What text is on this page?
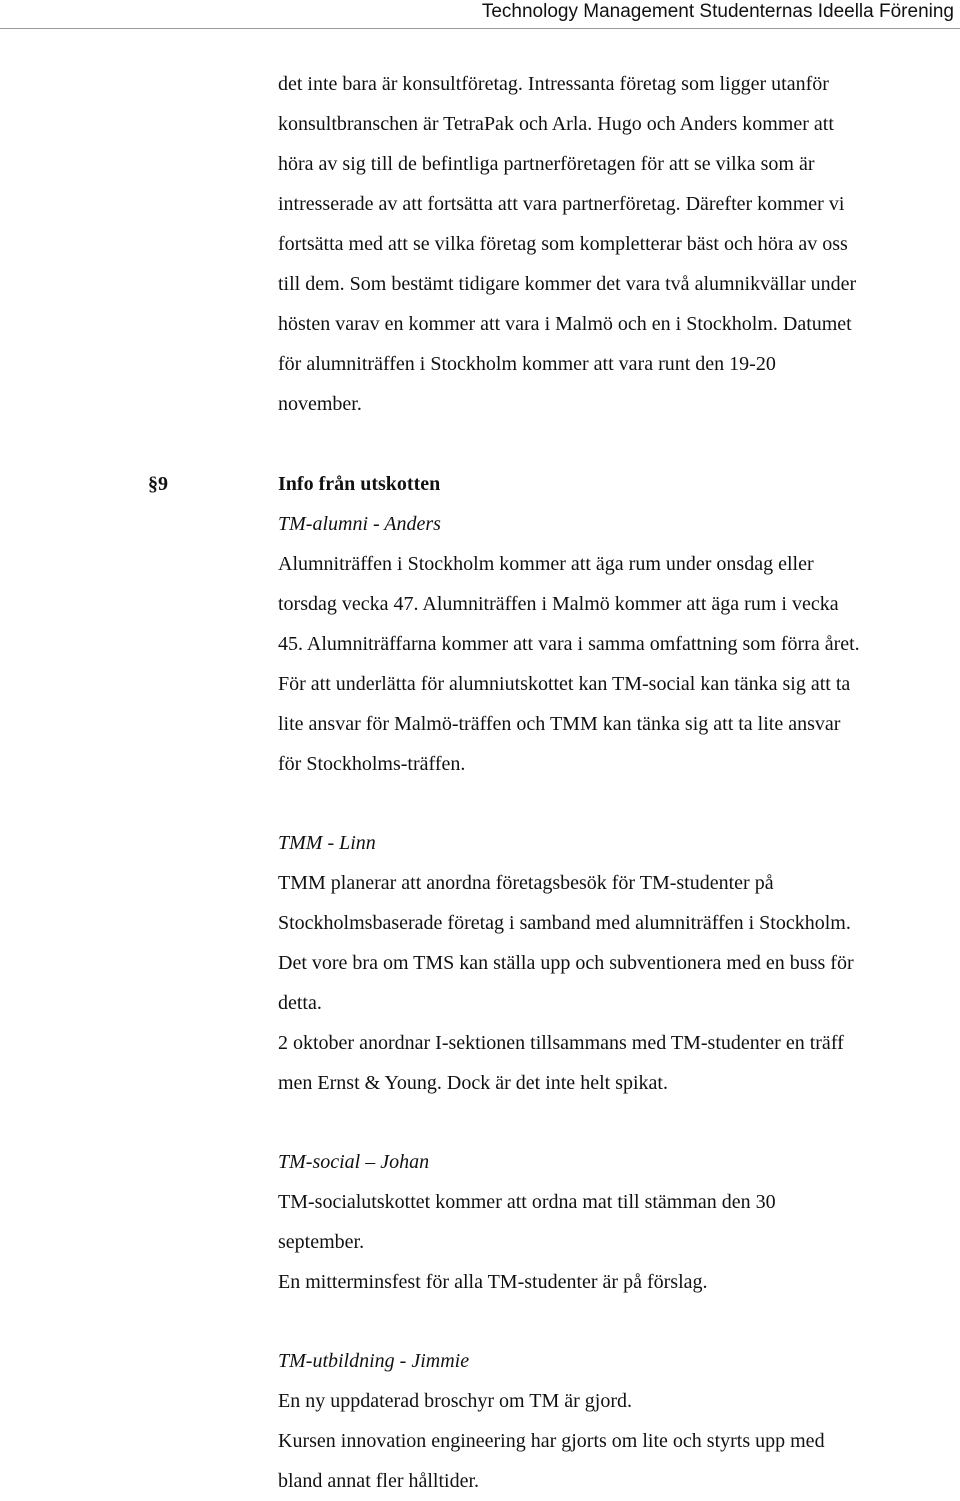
Technology Management Studenternas Ideella Förening
det inte bara är konsultföretag. Intressanta företag som ligger utanför
konsultbranschen är TetraPak och Arla. Hugo och Anders kommer att
höra av sig till de befintliga partnerföretagen för att se vilka som är
intresserade av att fortsätta att vara partnerföretag. Därefter kommer vi
fortsätta med att se vilka företag som kompletterar bäst och höra av oss
till dem. Som bestämt tidigare kommer det vara två alumnikvällar under
hösten varav en kommer att vara i Malmö och en i Stockholm. Datumet
för alumniträffen i Stockholm kommer att vara runt den 19-20
november.
§9	Info från utskotten
TM-alumni - Anders
Alumniträffen i Stockholm kommer att äga rum under onsdag eller
torsdag vecka 47. Alumniträffen i Malmö kommer att äga rum i vecka
45. Alumniträffarna kommer att vara i samma omfattning som förra året.
För att underlätta för alumniutskottet kan TM-social kan tänka sig att ta
lite ansvar för Malmö-träffen och TMM kan tänka sig att ta lite ansvar
för Stockholms-träffen.
TMM - Linn
TMM planerar att anordna företagsbesök för TM-studenter på
Stockholmsbaserade företag i samband med alumniträffen i Stockholm.
Det vore bra om TMS kan ställa upp och subventionera med en buss för
detta.
2 oktober anordnar I-sektionen tillsammans med TM-studenter en träff
men Ernst & Young. Dock är det inte helt spikat.
TM-social – Johan
TM-socialutskottet kommer att ordna mat till stämman den 30
september.
En mitterminsfest för alla TM-studenter är på förslag.
TM-utbildning - Jimmie
En ny uppdaterad broschyr om TM är gjord.
Kursen innovation engineering har gjorts om lite och styrts upp med
bland annat fler hålltider.
